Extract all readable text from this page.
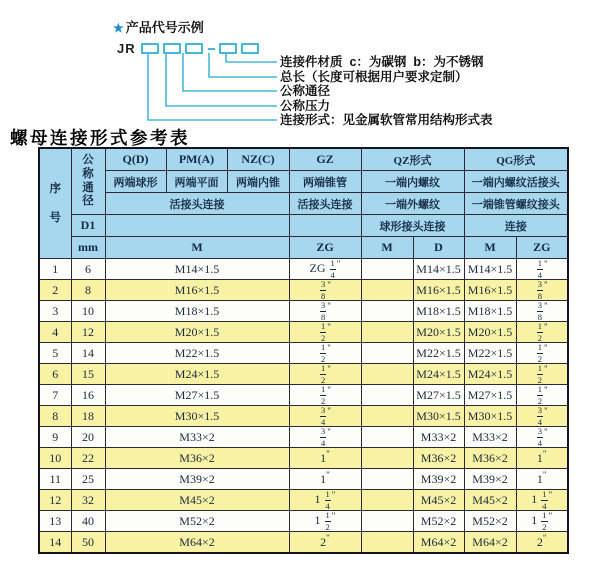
★ 产品代号示例
JR
连接件材质  c：为碳钢  b：为不锈钢
总长（长度可根据用户要求定制）
公称通径
公称压力
连接形式：见金属软管常用结构形式表
螺母连接形式参考表
序号	公称通径	Q(D)	PM(A)	NZ(C)	GZ	QZ形式		QG形式	
		两端球形	两端平面	两端内锥	两端锥管	一端内螺纹		一端内螺纹活接头	
		活接头连接			活接头连接	一端外螺纹		一端锥管螺纹接头	
	D1					球形接头连接		连接	
	mm	M			ZG	M	D	M	ZG
1	6	M14×1.5			ZG $\frac{1}{4} ^"$		M14×1.5	M14×1.5	$\frac{1}{4} ^"$
2	8	M16×1.5			$\frac{3}{8} ^"$		M16×1.5	M16×1.5	$\frac{3}{8} ^"$
3	10	M18×1.5			$\frac{3}{8} ^"$		M18×1.5	M18×1.5	$\frac{3}{8} ^"$
4	12	M20×1.5			$\frac{1}{2} ^"$		M20×1.5	M20×1.5	$\frac{1}{2} ^"$
5	14	M22×1.5			$\frac{1}{2} ^"$		M22×1.5	M22×1.5	$\frac{1}{2} ^"$
6	15	M24×1.5			$\frac{1}{2} ^"$		M24×1.5	M24×1.5	$\frac{1}{2} ^"$
7	16	M27×1.5			$\frac{1}{2} ^"$		M27×1.5	M27×1.5	$\frac{1}{2} ^"$
8	18	M30×1.5			$\frac{3}{4} ^"$		M30×1.5	M30×1.5	$\frac{3}{4} ^"$
9	20	M33×2			$\frac{3}{4} ^"$		M33×2	M33×2	$\frac{3}{4} ^"$
10	22	M36×2			1"		M36×2	M36×2	1"
11	25	M39×2			1"		M39×2	M39×2	1"
12	32	M45×2			$1 \frac{1}{4} ^"$		M45×2	M45×2	$1 \frac{1}{4} ^"$
13	40	M52×2			$1 \frac{1}{2} ^"$		M52×2	M52×2	$1 \frac{1}{2} ^"$
14	50	M64×2			2"		M64×2	M64×2	2"
